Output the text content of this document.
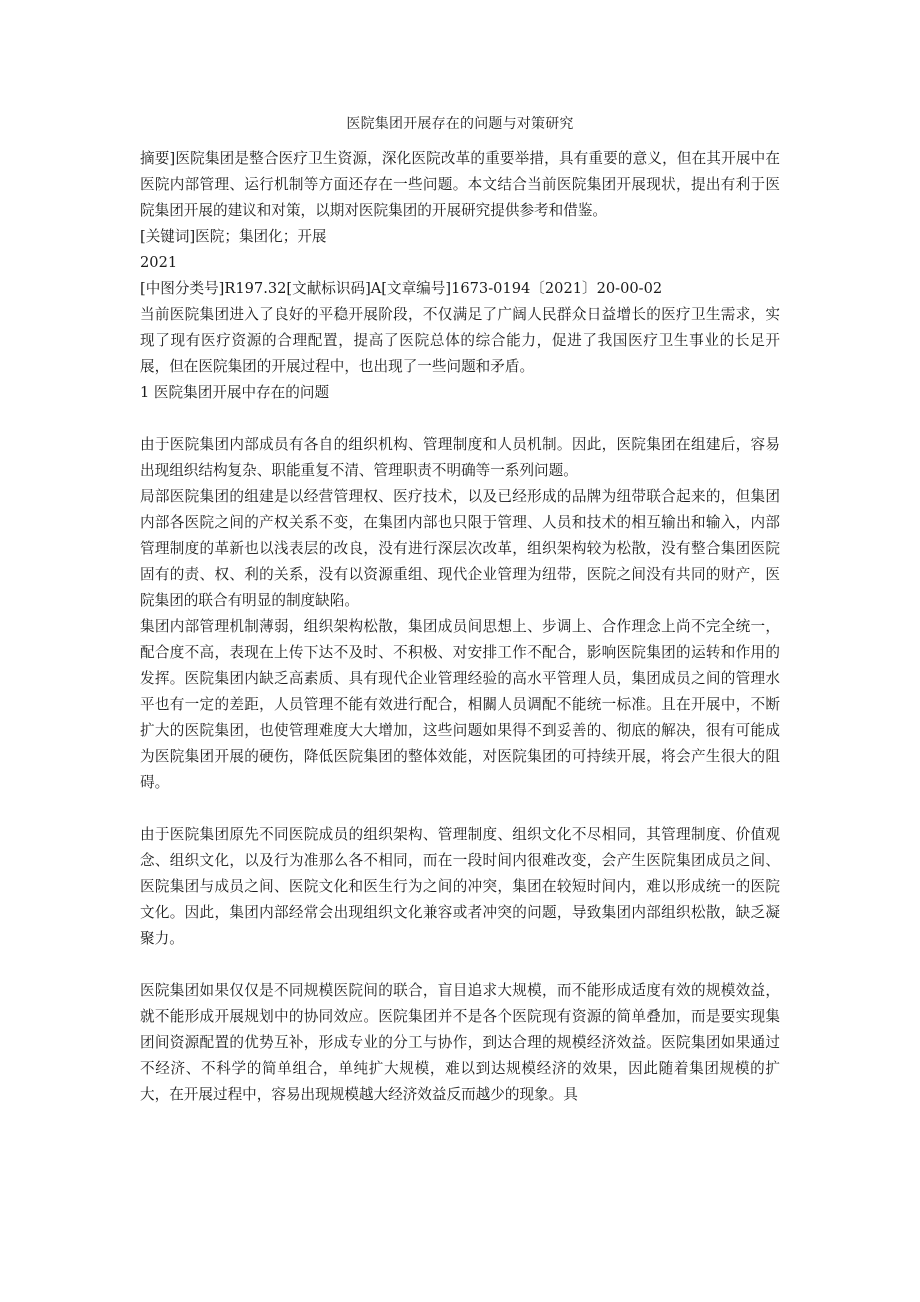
医院集团开展存在的问题与对策研究

摘要]医院集团是整合医疗卫生资源，深化医院改革的重要举措，具有重要的意义，但在其开展中在医院内部管理、运行机制等方面还存在一些问题。本文结合当前医院集团开展现状，提出有利于医院集团开展的建议和对策，以期对医院集团的开展研究提供参考和借鉴。

[关键词]医院；集团化；开展

2021

[中图分类号]R197.32[文献标识码]A[文章编号]1673-0194〔2021〕20-00-02

当前医院集团进入了良好的平稳开展阶段，不仅满足了广阔人民群众日益增长的医疗卫生需求，实现了现有医疗资源的合理配置，提高了医院总体的综合能力，促进了我国医疗卫生事业的长足开展，但在医院集团的开展过程中，也出现了一些问题和矛盾。

1 医院集团开展中存在的问题

由于医院集团内部成员有各自的组织机构、管理制度和人员机制。因此，医院集团在组建后，容易出现组织结构复杂、职能重复不清、管理职责不明确等一系列问题。

局部医院集团的组建是以经营管理权、医疗技术，以及已经形成的品牌为纽带联合起来的，但集团内部各医院之间的产权关系不变，在集团内部也只限于管理、人员和技术的相互输出和输入，内部管理制度的革新也以浅表层的改良，没有进行深层次改革，组织架构较为松散，没有整合集团医院固有的责、权、利的关系，没有以资源重组、现代企业管理为纽带，医院之间没有共同的财产，医院集团的联合有明显的制度缺陷。

集团内部管理机制薄弱，组织架构松散，集团成员间思想上、步调上、合作理念上尚不完全统一，配合度不高，表现在上传下达不及时、不积极、对安排工作不配合，影响医院集团的运转和作用的发挥。医院集团内缺乏高素质、具有现代企业管理经验的高水平管理人员，集团成员之间的管理水平也有一定的差距，人员管理不能有效进行配合，相關人员调配不能统一标准。且在开展中，不断扩大的医院集团，也使管理难度大大增加，这些问题如果得不到妥善的、彻底的解决，很有可能成为医院集团开展的硬伤，降低医院集团的整体效能，对医院集团的可持续开展，将会产生很大的阻碍。

由于医院集团原先不同医院成员的组织架构、管理制度、组织文化不尽相同，其管理制度、价值观念、组织文化，以及行为准那么各不相同，而在一段时间内很难改变，会产生医院集团成员之间、医院集团与成员之间、医院文化和医生行为之间的冲突，集团在较短时间内，难以形成统一的医院文化。因此，集团内部经常会出现组织文化兼容或者冲突的问题，导致集团内部组织松散，缺乏凝聚力。

医院集团如果仅仅是不同规模医院间的联合，盲目追求大规模，而不能形成适度有效的规模效益，就不能形成开展规划中的协同效应。医院集团并不是各个医院现有资源的简单叠加，而是要实现集团间资源配置的优势互补，形成专业的分工与协作，到达合理的规模经济效益。医院集团如果通过不经济、不科学的简单组合，单纯扩大规模，难以到达规模经济的效果，因此随着集团规模的扩大，在开展过程中，容易出现规模越大经济效益反而越少的现象。具
